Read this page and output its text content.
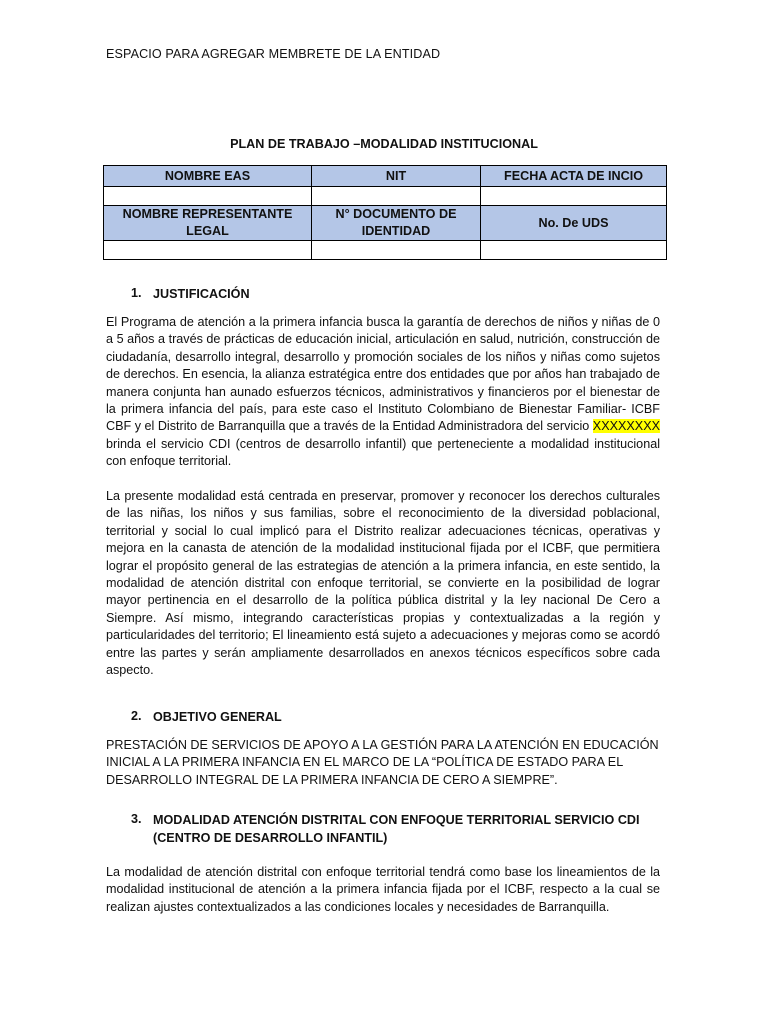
ESPACIO PARA AGREGAR MEMBRETE DE LA ENTIDAD
PLAN DE TRABAJO –MODALIDAD INSTITUCIONAL
NOMBRE EAS	NIT	FECHA ACTA DE INCIO

NOMBRE REPRESENTANTE LEGAL	N° DOCUMENTO DE IDENTIDAD	No. De UDS

1. JUSTIFICACIÓN
El Programa de atención a la primera infancia busca la garantía de derechos de niños y niñas de 0 a 5 años a través de prácticas de educación inicial, articulación en salud, nutrición, construcción de ciudadanía, desarrollo integral, desarrollo y promoción sociales de los niños y niñas como sujetos de derechos. En esencia, la alianza estratégica entre dos entidades que por años han trabajado de manera conjunta han aunado esfuerzos técnicos, administrativos y financieros por el bienestar de la primera infancia del país, para este caso el Instituto Colombiano de Bienestar Familiar- ICBF CBF y el Distrito de Barranquilla que a través de la Entidad Administradora del servicio XXXXXXXX brinda el servicio CDI (centros de desarrollo infantil) que perteneciente a modalidad institucional con enfoque territorial.
La presente modalidad está centrada en preservar, promover y reconocer los derechos culturales de las niñas, los niños y sus familias, sobre el reconocimiento de la diversidad poblacional, territorial y social lo cual implicó para el Distrito realizar adecuaciones técnicas, operativas y mejora en la canasta de atención de la modalidad institucional fijada por el ICBF, que permitiera lograr el propósito general de las estrategias de atención a la primera infancia, en este sentido, la modalidad de atención distrital con enfoque territorial, se convierte en la posibilidad de lograr mayor pertinencia en el desarrollo de la política pública distrital y la ley nacional De Cero a Siempre. Así mismo, integrando características propias y contextualizadas a la región y particularidades del territorio; El lineamiento está sujeto a adecuaciones y mejoras como se acordó entre las partes y serán ampliamente desarrollados en anexos técnicos específicos sobre cada aspecto.
2. OBJETIVO GENERAL
PRESTACIÓN DE SERVICIOS DE APOYO A LA GESTIÓN PARA LA ATENCIÓN EN EDUCACIÓN INICIAL A LA PRIMERA INFANCIA EN EL MARCO DE LA “POLÍTICA DE ESTADO PARA EL DESARROLLO INTEGRAL DE LA PRIMERA INFANCIA DE CERO A SIEMPRE”.
3. MODALIDAD ATENCIÓN DISTRITAL CON ENFOQUE TERRITORIAL SERVICIO CDI (CENTRO DE DESARROLLO INFANTIL)
La modalidad de atención distrital con enfoque territorial tendrá como base los lineamientos de la modalidad institucional de atención a la primera infancia fijada por el ICBF, respecto a la cual se realizan ajustes contextualizados a las condiciones locales y necesidades de Barranquilla.
